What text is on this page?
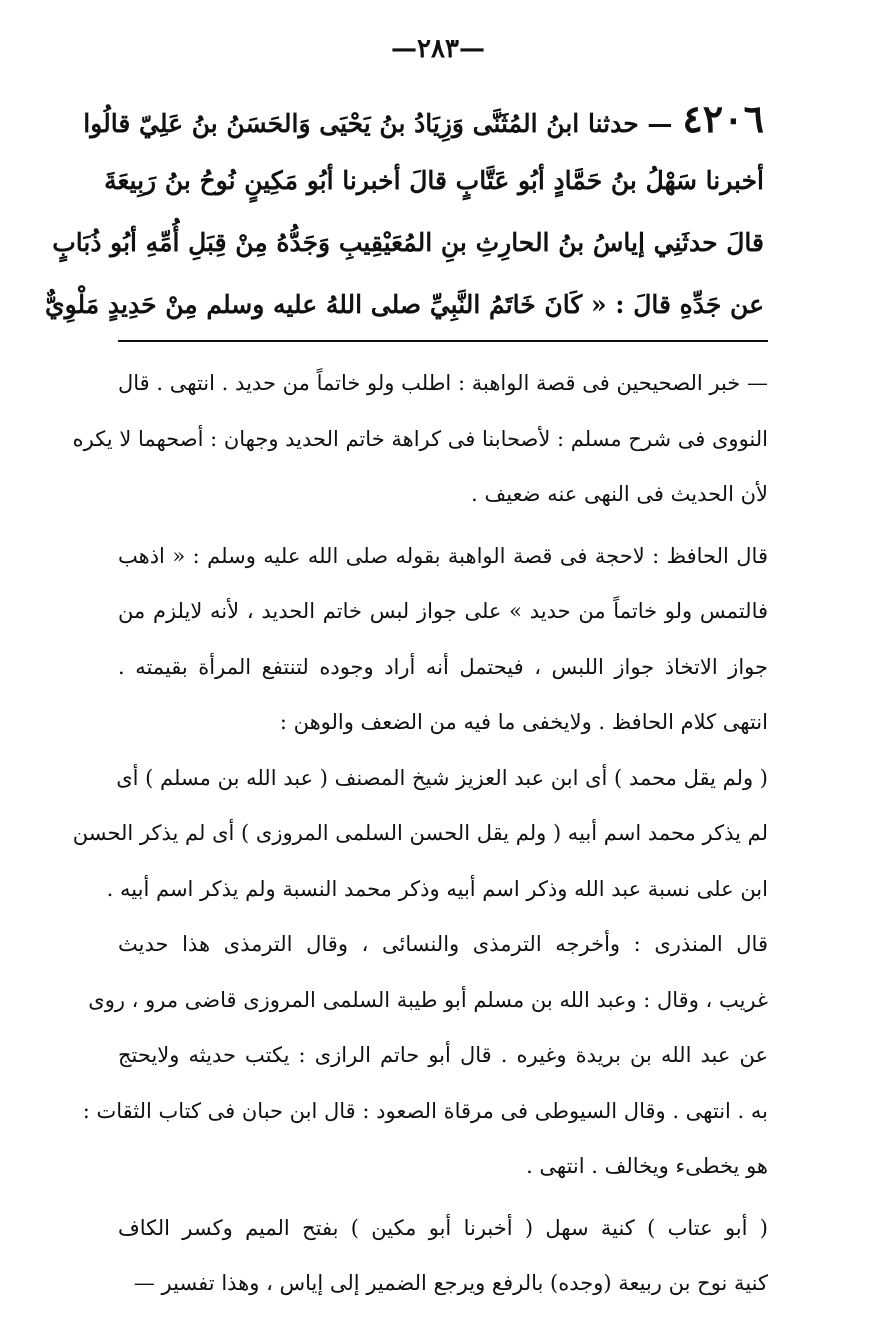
—٢٨٣—
٤٢٠٦— حدثنا ابنُ المُثَنَّى وَزِيَادُ بنُ يَحْيَى وَالحَسَنُ بنُ عَلِيّ قالُوا
أخبرنا سَهْلُ بنُ حَمَّادٍ أبُو عَتَّابٍ قالَ أخبرنا أبُو مَكِينٍ نُوحُ بنُ رَبِيعَةَ
قالَ حدثَنِي إياسُ بنُ الحارِثِ بنِ المُعَيْقِيبِ وَجَدُّهُ مِنْ قِبَلِ أُمِّهِ أبُو ذُبَابٍ
عن جَدِّهِ قالَ : « كَانَ خَاتَمُ النَّبِيِّ صلى اللهُ عليه وسلم مِنْ حَدِيدٍ مَلْوِيٌّ
— خبر الصحيحين فى قصة الواهبة : اطلب ولو خاتماً من حديد . انتهى . قال
النووى فى شرح مسلم : لأصحابنا فى كراهة خاتم الحديد وجهان : أصحهما لا يكره
لأن الحديث فى النهى عنه ضعيف .
قال الحافظ : لاحجة فى قصة الواهبة بقوله صلى الله عليه وسلم : « اذهب
فالتمس ولو خاتماً من حديد » على جواز لبس خاتم الحديد ، لأنه لايلزم من
جواز الاتخاذ جواز اللبس ، فيحتمل أنه أراد وجوده لتنتفع المرأة بقيمته .
انتهى كلام الحافظ . ولايخفى ما فيه من الضعف والوهن :
( ولم يقل محمد ) أى ابن عبد العزيز شيخ المصنف ( عبد الله بن مسلم ) أى
لم يذكر محمد اسم أبيه ( ولم يقل الحسن السلمى المروزى ) أى لم يذكر الحسن
ابن على نسبة عبد الله وذكر اسم أبيه وذكر محمد النسبة ولم يذكر اسم أبيه .
قال المنذرى : وأخرجه الترمذى والنسائى ، وقال الترمذى هذا حديث
غريب ، وقال : وعبد الله بن مسلم أبو طيبة السلمى المروزى قاضى مرو ، روى
عن عبد الله بن بريدة وغيره . قال أبو حاتم الرازى : يكتب حديثه ولايحتج
به . انتهى . وقال السيوطى فى مرقاة الصعود : قال ابن حبان فى كتاب الثقات :
هو يخطىء ويخالف . انتهى .
( أبو عتاب ) كنية سهل ( أخبرنا أبو مكين ) بفتح الميم وكسر الكاف
كنية نوح بن ربيعة (وجده) بالرفع ويرجع الضمير إلى إياس ، وهذا تفسير —
